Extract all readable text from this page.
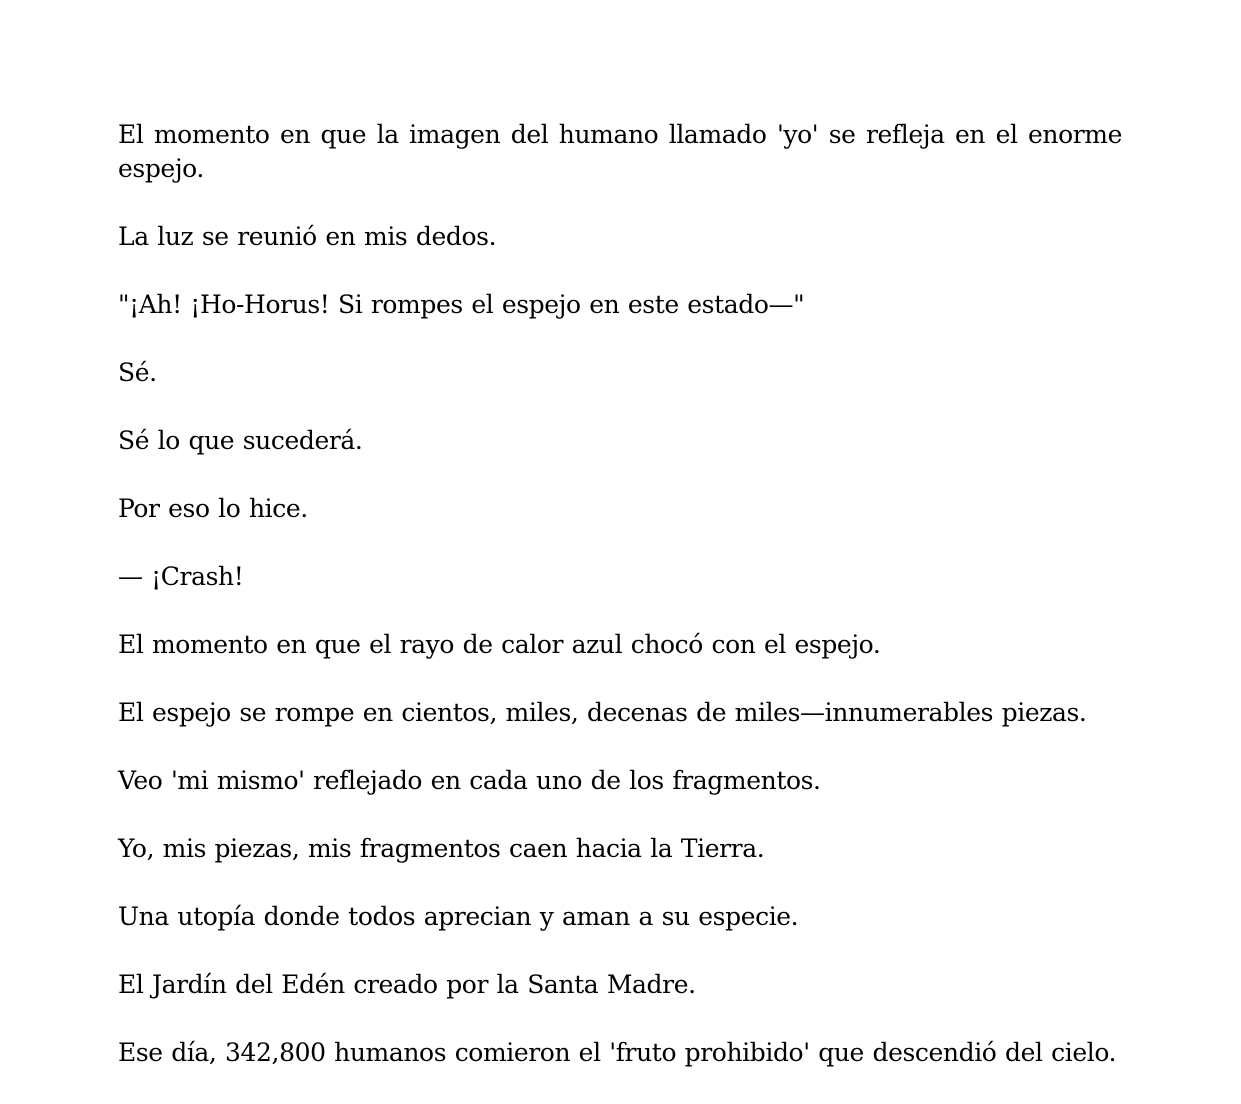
El momento en que la imagen del humano llamado 'yo' se refleja en el enorme espejo.

La luz se reunió en mis dedos.

"¡Ah! ¡Ho-Horus! Si rompes el espejo en este estado—"

Sé.

Sé lo que sucederá.

Por eso lo hice.

— ¡Crash!

El momento en que el rayo de calor azul chocó con el espejo.

El espejo se rompe en cientos, miles, decenas de miles—innumerables piezas.

Veo 'mi mismo' reflejado en cada uno de los fragmentos.

Yo, mis piezas, mis fragmentos caen hacia la Tierra.

Una utopía donde todos aprecian y aman a su especie.

El Jardín del Edén creado por la Santa Madre.

Ese día, 342,800 humanos comieron el 'fruto prohibido' que descendió del cielo.
